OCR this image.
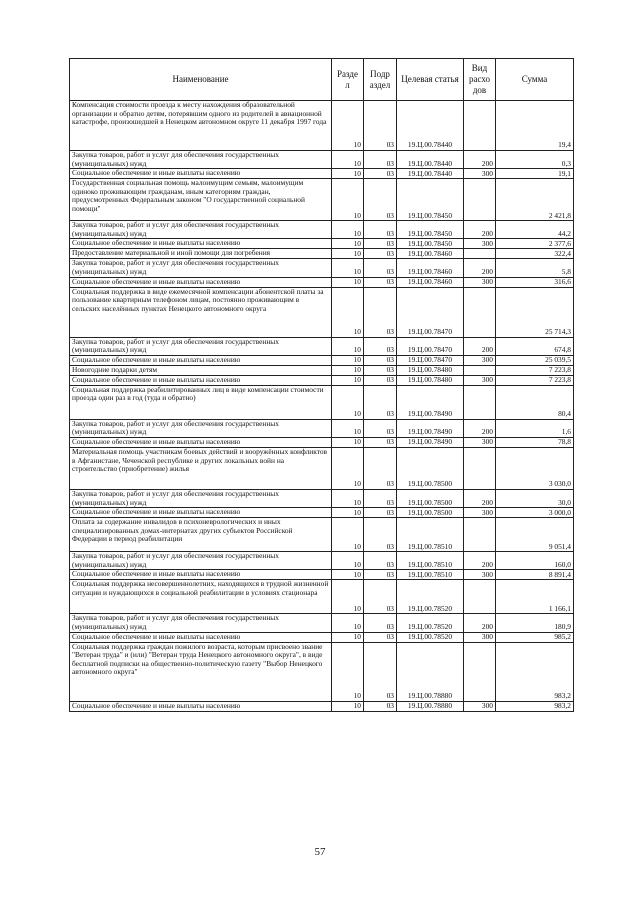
Наименование	Разде л	Подр аздел	Целевая статья	Вид расхо дов	Сумма
Компенсация стоимости проезда к месту нахождения образовательной организации и обратно детям, потерявшим одного из родителей в авиационной катастрофе, произошедшей в Ненецком автономном округе 11 декабря 1997 года	10	03	19.Ц.00.78440		19,4
Закупка товаров, работ и услуг для обеспечения государственных (муниципальных) нужд	10	03	19.Ц.00.78440	200	0,3
Социальное обеспечение и иные выплаты населению	10	03	19.Ц.00.78440	300	19,1
Государственная социальная помощь малоимущим семьям, малоимущим одиноко проживающим гражданам, иным категориям граждан, предусмотренных Федеральным законом "О государственной социальной помощи"	10	03	19.Ц.00.78450		2 421,8
Закупка товаров, работ и услуг для обеспечения государственных (муниципальных) нужд	10	03	19.Ц.00.78450	200	44,2
Социальное обеспечение и иные выплаты населению	10	03	19.Ц.00.78450	300	2 377,6
Предоставление материальной и иной помощи для погребения	10	03	19.Ц.00.78460		322,4
Закупка товаров, работ и услуг для обеспечения государственных (муниципальных) нужд	10	03	19.Ц.00.78460	200	5,8
Социальное обеспечение и иные выплаты населению	10	03	19.Ц.00.78460	300	316,6
Социальная поддержка в виде ежемесячной компенсации абонентской платы за пользование квартирным телефоном лицам, постоянно проживающим в сельских населённых пунктах Ненецкого автономного округа	10	03	19.Ц.00.78470		25 714,3
Закупка товаров, работ и услуг для обеспечения государственных (муниципальных) нужд	10	03	19.Ц.00.78470	200	674,8
Социальное обеспечение и иные выплаты населению	10	03	19.Ц.00.78470	300	25 039,5
Новогодние подарки детям	10	03	19.Ц.00.78480		7 223,8
Социальное обеспечение и иные выплаты населению	10	03	19.Ц.00.78480	300	7 223,8
Социальная поддержка реабилитированных лиц в виде компенсации стоимости проезда один раз в год (туда и обратно)	10	03	19.Ц.00.78490		80,4
Закупка товаров, работ и услуг для обеспечения государственных (муниципальных) нужд	10	03	19.Ц.00.78490	200	1,6
Социальное обеспечение и иные выплаты населению	10	03	19.Ц.00.78490	300	78,8
Материальная помощь участникам боевых действий и вооружённых конфликтов в Афганистане, Чеченской республике и других локальных войн на строительство (приобретение) жилья	10	03	19.Ц.00.78500		3 030,0
Закупка товаров, работ и услуг для обеспечения государственных (муниципальных) нужд	10	03	19.Ц.00.78500	200	30,0
Социальное обеспечение и иные выплаты населению	10	03	19.Ц.00.78500	300	3 000,0
Оплата за содержание инвалидов в психоневрологических и иных специализированных домах-интернатах других субъектов Российской Федерации в период реабилитации	10	03	19.Ц.00.78510		9 051,4
Закупка товаров, работ и услуг для обеспечения государственных (муниципальных) нужд	10	03	19.Ц.00.78510	200	160,0
Социальное обеспечение и иные выплаты населению	10	03	19.Ц.00.78510	300	8 891,4
Социальная поддержка несовершеннолетних, находящихся в трудной жизненной ситуации и нуждающихся в социальной реабилитации в условиях стационара	10	03	19.Ц.00.78520		1 166,1
Закупка товаров, работ и услуг для обеспечения государственных (муниципальных) нужд	10	03	19.Ц.00.78520	200	180,9
Социальное обеспечение и иные выплаты населению	10	03	19.Ц.00.78520	300	985,2
Социальная поддержка граждан пожилого возраста, которым присвоено звание "Ветеран труда" и (или) "Ветеран труда Ненецкого автономного округа", в виде бесплатной подписки на общественно-политическую газету "Выбор Ненецкого автономного округа"	10	03	19.Ц.00.78880		983,2
Социальное обеспечение и иные выплаты населению	10	03	19.Ц.00.78880	300	983,2
57
